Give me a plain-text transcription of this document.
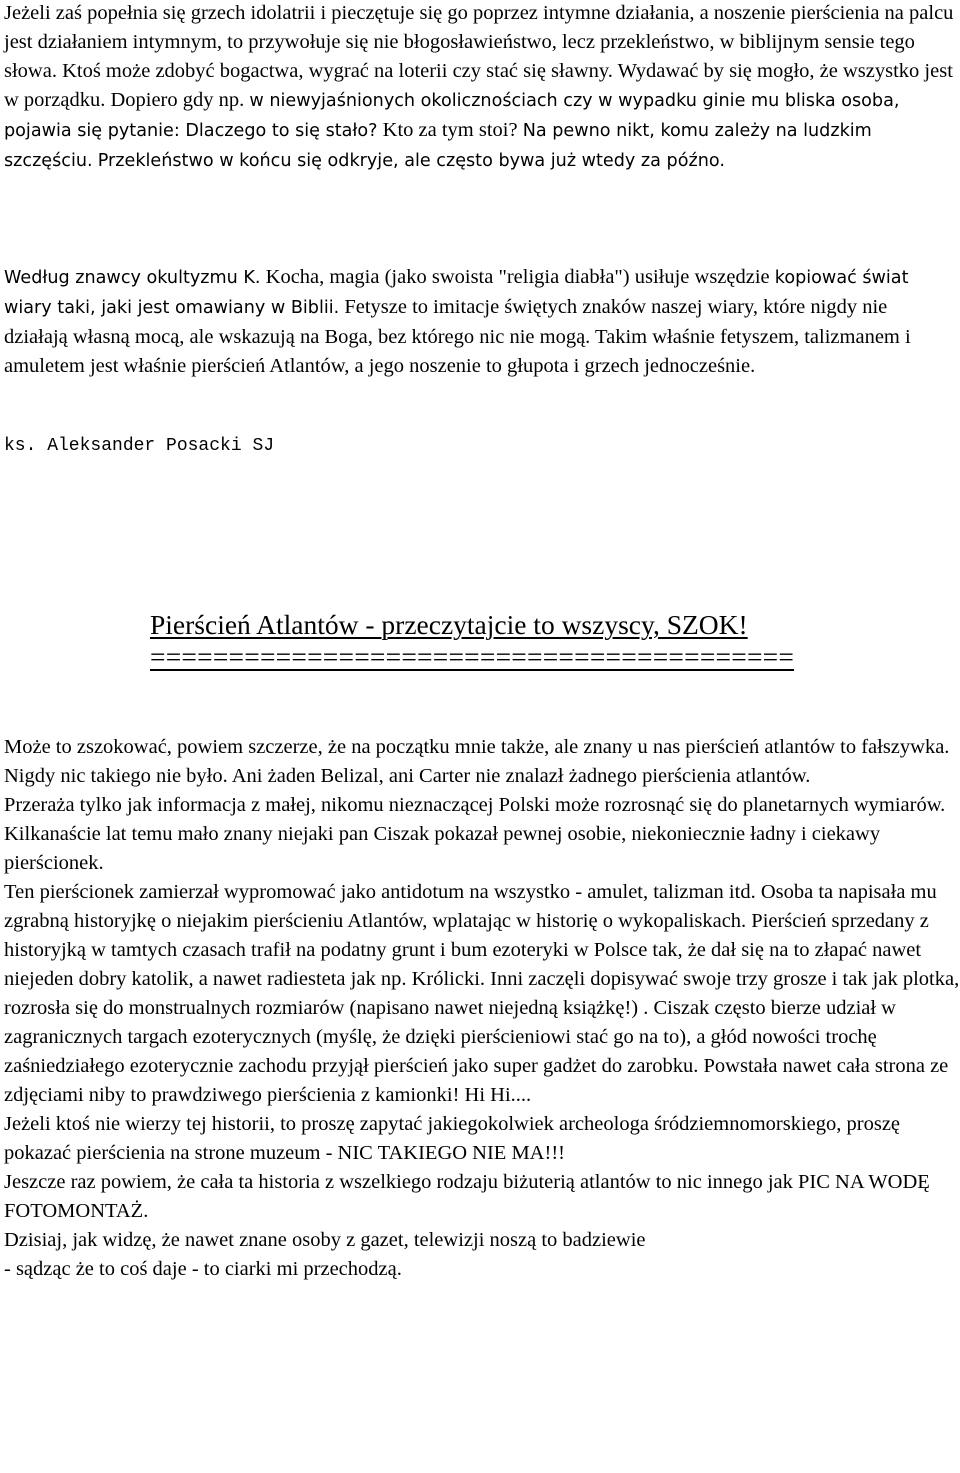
Jeżeli zaś popełnia się grzech idolatrii i pieczętuje się go poprzez intymne działania, a noszenie pierścienia na palcu jest działaniem intymnym, to przywołuje się nie błogosławieństwo, lecz przekleństwo, w biblijnym sensie tego słowa. Ktoś może zdobyć bogactwa, wygrać na loterii czy stać się sławny. Wydawać by się mogło, że wszystko jest w porządku. Dopiero gdy np. w niewyjaśnionych okolicznościach czy w wypadku ginie mu bliska osoba, pojawia się pytanie: Dlaczego to się stało? Kto za tym stoi? Na pewno nikt, komu zależy na ludzkim szczęściu. Przekleństwo w końcu się odkryje, ale często bywa już wtedy za późno.
Według znawcy okultyzmu K. Kocha, magia (jako swoista "religia diabła") usiłuje wszędzie kopiować świat wiary taki, jaki jest omawiany w Biblii. Fetysze to imitacje świętych znaków naszej wiary, które nigdy nie działają własną mocą, ale wskazują na Boga, bez którego nic nie mogą. Takim właśnie fetyszem, talizmanem i amuletem jest właśnie pierścień Atlantów, a jego noszenie to głupota i grzech jednocześnie.
ks. Aleksander Posacki SJ
Pierścień Atlantów - przeczytajcie to wszyscy, SZOK!
=========================================

Może to zszokować, powiem szczerze, że na początku mnie także, ale znany u nas pierścień atlantów to fałszywka.

Nigdy nic takiego nie było. Ani żaden Belizal, ani Carter nie znalazł żadnego pierścienia atlantów.

Przeraża tylko jak informacja z małej, nikomu nieznaczącej Polski może rozrosnąć się do planetarnych wymiarów.

Kilkanaście lat temu mało znany niejaki pan Ciszak pokazał pewnej osobie, niekoniecznie ładny i ciekawy pierścionek.

Ten pierścionek zamierzał wypromować jako antidotum na wszystko - amulet, talizman itd. Osoba ta napisała mu zgrabną historyjkę o niejakim pierścieniu Atlantów, wplatając w historię o wykopaliskach. Pierścień sprzedany z historyjką w tamtych czasach trafił na podatny grunt i bum ezoteryki w Polsce tak, że dał się na to złapać nawet niejeden dobry katolik, a nawet radiesteta jak np. Królicki. Inni zaczęli dopisywać swoje trzy grosze i tak jak plotka, rozrosła się do monstrualnych rozmiarów (napisano nawet niejedną książkę!) . Ciszak często bierze udział w zagranicznych targach ezoterycznych (myślę, że dzięki pierścieniowi stać go na to), a głód nowości trochę zaśniedziałego ezoterycznie zachodu przyjął pierścień jako super gadżet do zarobku. Powstała nawet cała strona ze zdjęciami niby to prawdziwego pierścienia z kamionki! Hi Hi....

Jeżeli ktoś nie wierzy tej historii, to proszę zapytać jakiegokolwiek archeologa śródziemnomorskiego, proszę pokazać pierścienia na strone muzeum - NIC TAKIEGO NIE MA!!!

Jeszcze raz powiem, że cała ta historia z wszelkiego rodzaju biżuterią atlantów to nic innego jak PIC NA WODĘ FOTOMONTAŻ.

Dzisiaj, jak widzę, że nawet znane osoby z gazet, telewizji noszą to badziewie

- sądząc że to coś daje - to ciarki mi przechodzą.
